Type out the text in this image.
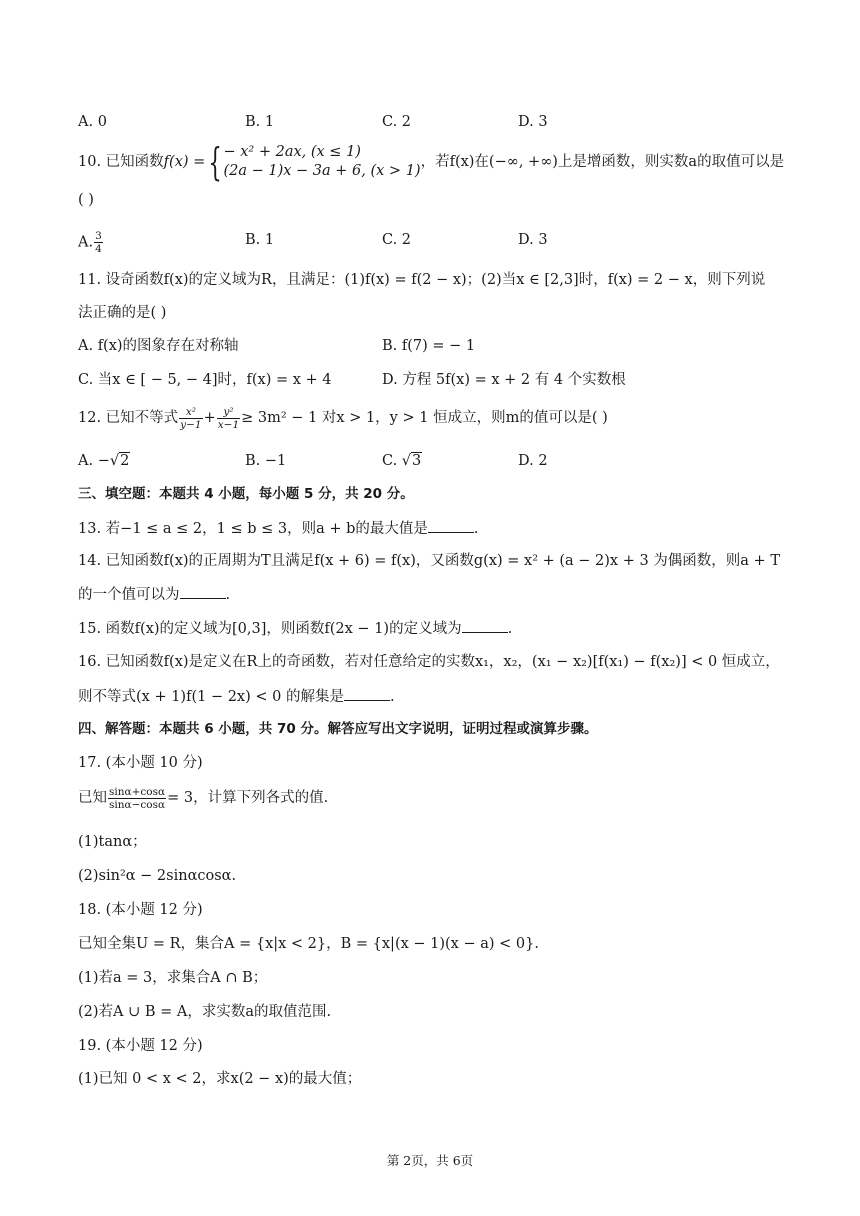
A. 0	B. 1	C. 2	D. 3
10. 已知函数f(x) ={ − x² + 2ax, (x ≤ 1)
(2a − 1)x − 3a + 6, (x > 1)
，若f(x)在(−∞, +∞)上是增函数，则实数a的取值可以是
( )
A. $\frac{3}{4}$	B. 1	C. 2	D. 3
11. 设奇函数f(x)的定义域为R，且满足：(1)f(x) = f(2 − x)；(2)当x ∈ [2,3]时，f(x) = 2 − x，则下列说
法正确的是( )
A. f(x)的图象存在对称轴	B. f(7) = − 1
C. 当x ∈ [ − 5, − 4]时，f(x) = x + 4	D. 方程 5f(x) = x + 2 有 4 个实数根
12. 已知不等式 $\frac{\text{x²}}{y-1} + \frac{\text{y²}}{x-1} \ge 3m^2 - 1$ 对x > 1，y > 1 恒成立，则m的值可以是( )
A. −√2	B. −1	C. √3	D. 2
三、填空题：本题共 4 小题，每小题 5 分，共 20 分。
13. 若−1 ≤ a ≤ 2，1 ≤ b ≤ 3，则a + b的最大值是	.
14. 已知函数f(x)的正周期为T且满足f(x + 6) = f(x)，又函数g(x) = x² + (a − 2)x + 3 为偶函数，则a + T
的一个值可以为	.
15. 函数f(x)的定义域为[0,3]，则函数f(2x − 1)的定义域为	.
16. 已知函数f(x)是定义在R上的奇函数，若对任意给定的实数x₁，x₂，(x₁ − x₂)[f(x₁) − f(x₂)] < 0 恒成立，
则不等式(x + 1)f(1 − 2x) < 0 的解集是	.
四、解答题：本题共 6 小题，共 70 分。解答应写出文字说明，证明过程或演算步骤。
17. (本小题 10 分)
已知 $\frac{\sin\alpha+\cos\alpha}{\sin\alpha-\cos\alpha} = 3$，计算下列各式的值.
(1)tanα；
(2)sin²α − 2sinαcosα.
18. (本小题 12 分)
已知全集U = R，集合A = {x|x < 2}，B = {x|(x − 1)(x − a) < 0}.
(1)若a = 3，求集合A ∩ B；
(2)若A ∪ B = A，求实数a的取值范围.
19. (本小题 12 分)
(1)已知 0 < x < 2，求x(2 − x)的最大值；
第 2页，共 6页
